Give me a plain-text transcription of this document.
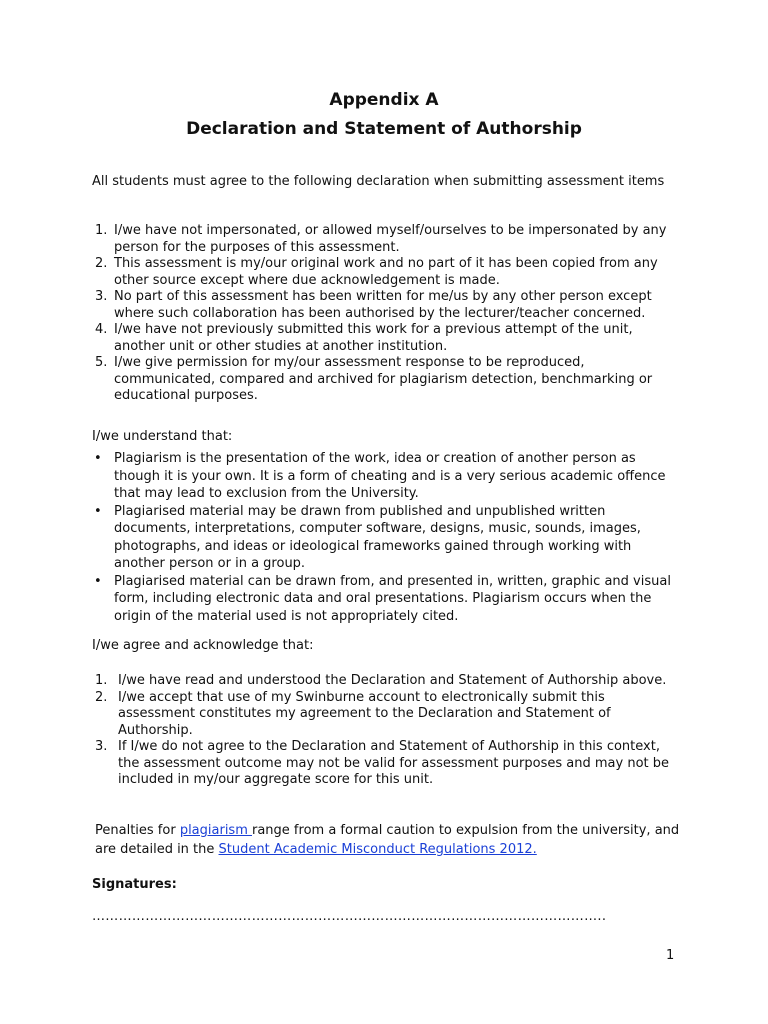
Appendix A
Declaration and Statement of Authorship
All students must agree to the following declaration when submitting assessment items
1. I/we have not impersonated, or allowed myself/ourselves to be impersonated by any person for the purposes of this assessment.
2. This assessment is my/our original work and no part of it has been copied from any other source except where due acknowledgement is made.
3. No part of this assessment has been written for me/us by any other person except where such collaboration has been authorised by the lecturer/teacher concerned.
4. I/we have not previously submitted this work for a previous attempt of the unit, another unit or other studies at another institution.
5. I/we give permission for my/our assessment response to be reproduced, communicated, compared and archived for plagiarism detection, benchmarking or educational purposes.
I/we understand that:
• Plagiarism is the presentation of the work, idea or creation of another person as though it is your own. It is a form of cheating and is a very serious academic offence that may lead to exclusion from the University.
• Plagiarised material may be drawn from published and unpublished written documents, interpretations, computer software, designs, music, sounds, images, photographs, and ideas or ideological frameworks gained through working with another person or in a group.
• Plagiarised material can be drawn from, and presented in, written, graphic and visual form, including electronic data and oral presentations. Plagiarism occurs when the origin of the material used is not appropriately cited.
I/we agree and acknowledge that:
1. I/we have read and understood the Declaration and Statement of Authorship above.
2. I/we accept that use of my Swinburne account to electronically submit this assessment constitutes my agreement to the Declaration and Statement of Authorship.
3. If I/we do not agree to the Declaration and Statement of Authorship in this context, the assessment outcome may not be valid for assessment purposes and may not be included in my/our aggregate score for this unit.
Penalties for plagiarism range from a formal caution to expulsion from the university, and are detailed in the Student Academic Misconduct Regulations 2012.
Signatures:
……………………………………………………………………………………………………..
1
